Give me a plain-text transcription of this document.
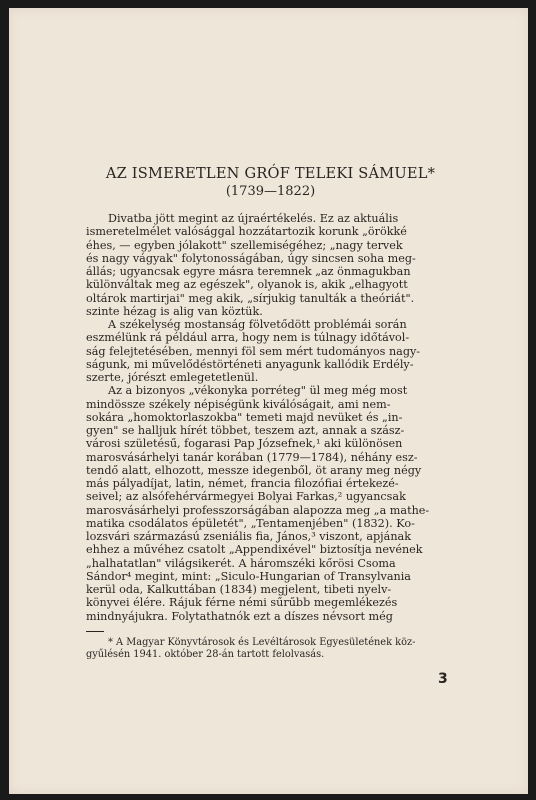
AZ ISMERETLEN GRÓF TELEKI SÁMUEL*
(1739—1822)
Divatba jött megint az újraértékelés. Ez az aktuális
ismeretelmélet valósággal hozzátartozik korunk „örökké
éhes, — egyben jólakott" szellemiségéhez; „nagy tervek
és nagy vágyak" folytonosságában, úgy sincsen soha meg-
állás; ugyancsak egyre másra teremnek „az önmagukban
különváltak meg az egészek", olyanok is, akik „elhagyott
oltárok martirjai" meg akik, „sírjukig tanulták a theóriát".
szinte hézag is alig van köztük.
A székelység mostanság fölvetődött problémái során
eszmélünk rá például arra, hogy nem is túlnagy időtávol-
ság felejtetésében, mennyi föl sem mért tudományos nagy-
ságunk, mi művelődéstörténeti anyagunk kallódik Erdély-
szerte, jórészt emlegetetlenül.
Az a bizonyos „vékonyka porréteg" ül meg még most
mindössze székely népiségünk kiválóságait, ami nem-
sokára „homoktorlaszokba" temeti majd nevüket és „in-
gyen" se halljuk hírét többet, teszem azt, annak a szász-
városi születésű, fogarasi Pap Józsefnek,¹ aki különösen
marosvásárhelyi tanár korában (1779—1784), néhány esz-
tendő alatt, elhozott, messze idegenből, öt arany meg négy
más pályadíjat, latin, német, francia filozófiai értekezé-
seivel; az alsófehérvármegyei Bolyai Farkas,² ugyancsak
marosvásárhelyi professzorságában alapozza meg „a mathe-
matika csodálatos épületét", „Tentamenjében" (1832). Ko-
lozsvári származású zseniális fia, János,³ viszont, apjának
ehhez a művéhez csatolt „Appendixével" biztosítja nevének
„halhatatlan" világsikerét. A háromszéki kőrösi Csoma
Sándor⁴ megint, mint: „Siculo-Hungarian of Transylvania
kerül oda, Kalkuttában (1834) megjelent, tibeti nyelv-
könyvei élére. Rájuk férne némi sűrűbb megemlékezés
mindnyájukra. Folytathatnók ezt a díszes névsort még
* A Magyar Könyvtárosok és Levéltárosok Egyesületének köz-
gyűlésén 1941. október 28-án tartott felolvasás.
3
